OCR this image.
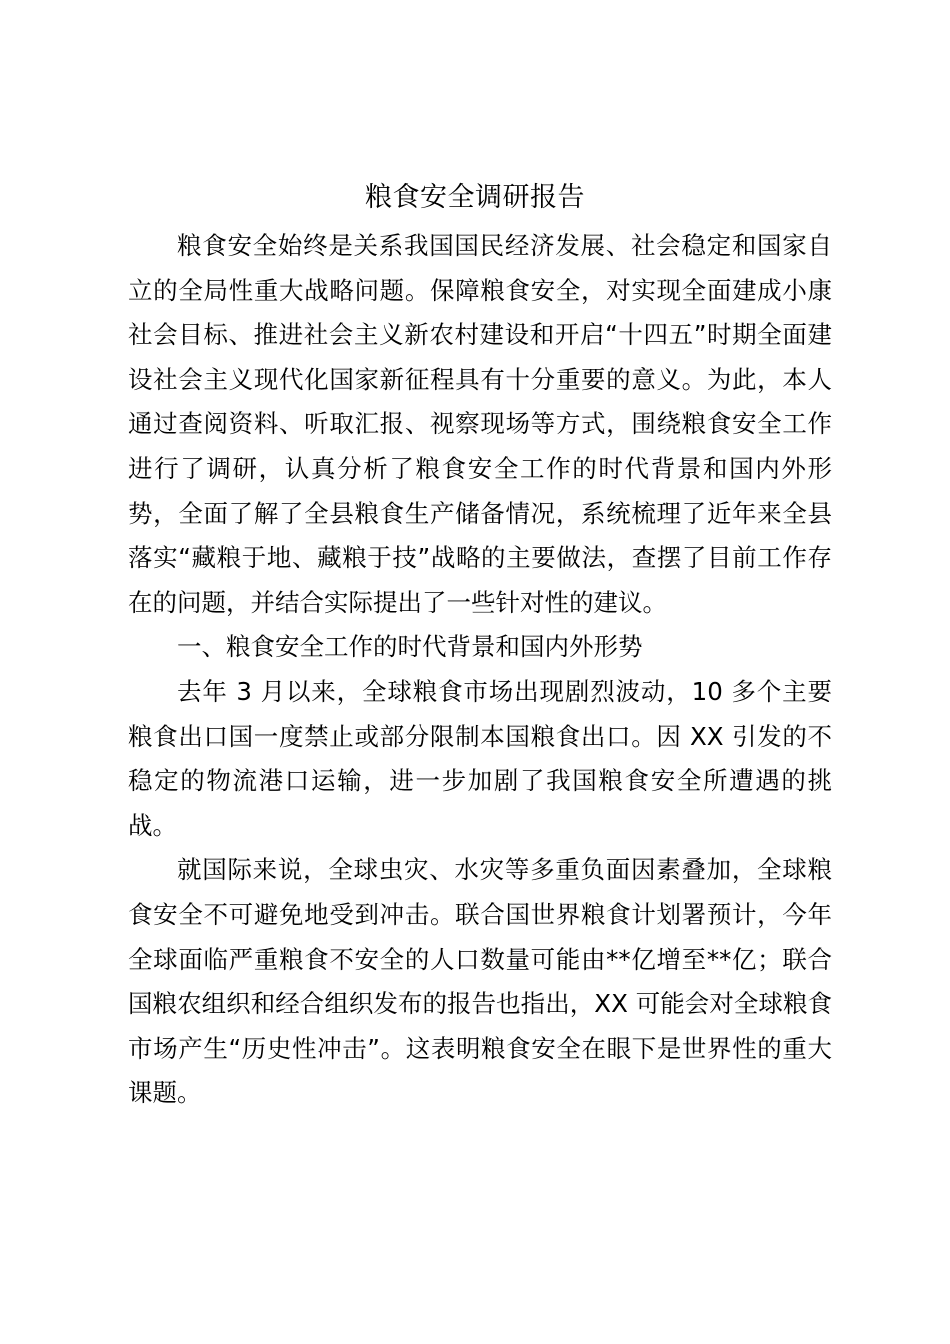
粮食安全调研报告

粮食安全始终是关系我国国民经济发展、社会稳定和国家自立的全局性重大战略问题。保障粮食安全，对实现全面建成小康社会目标、推进社会主义新农村建设和开启“十四五”时期全面建设社会主义现代化国家新征程具有十分重要的意义。为此，本人通过查阅资料、听取汇报、视察现场等方式，围绕粮食安全工作进行了调研，认真分析了粮食安全工作的时代背景和国内外形势，全面了解了全县粮食生产储备情况，系统梳理了近年来全县落实“藏粮于地、藏粮于技”战略的主要做法，查摆了目前工作存在的问题，并结合实际提出了一些针对性的建议。

一、粮食安全工作的时代背景和国内外形势

去年 3 月以来，全球粮食市场出现剧烈波动，10 多个主要粮食出口国一度禁止或部分限制本国粮食出口。因 XX 引发的不稳定的物流港口运输，进一步加剧了我国粮食安全所遭遇的挑战。

就国际来说，全球虫灾、水灾等多重负面因素叠加，全球粮食安全不可避免地受到冲击。联合国世界粮食计划署预计，今年全球面临严重粮食不安全的人口数量可能由**亿增至**亿；联合国粮农组织和经合组织发布的报告也指出，XX 可能会对全球粮食市场产生“历史性冲击”。这表明粮食安全在眼下是世界性的重大课题。
